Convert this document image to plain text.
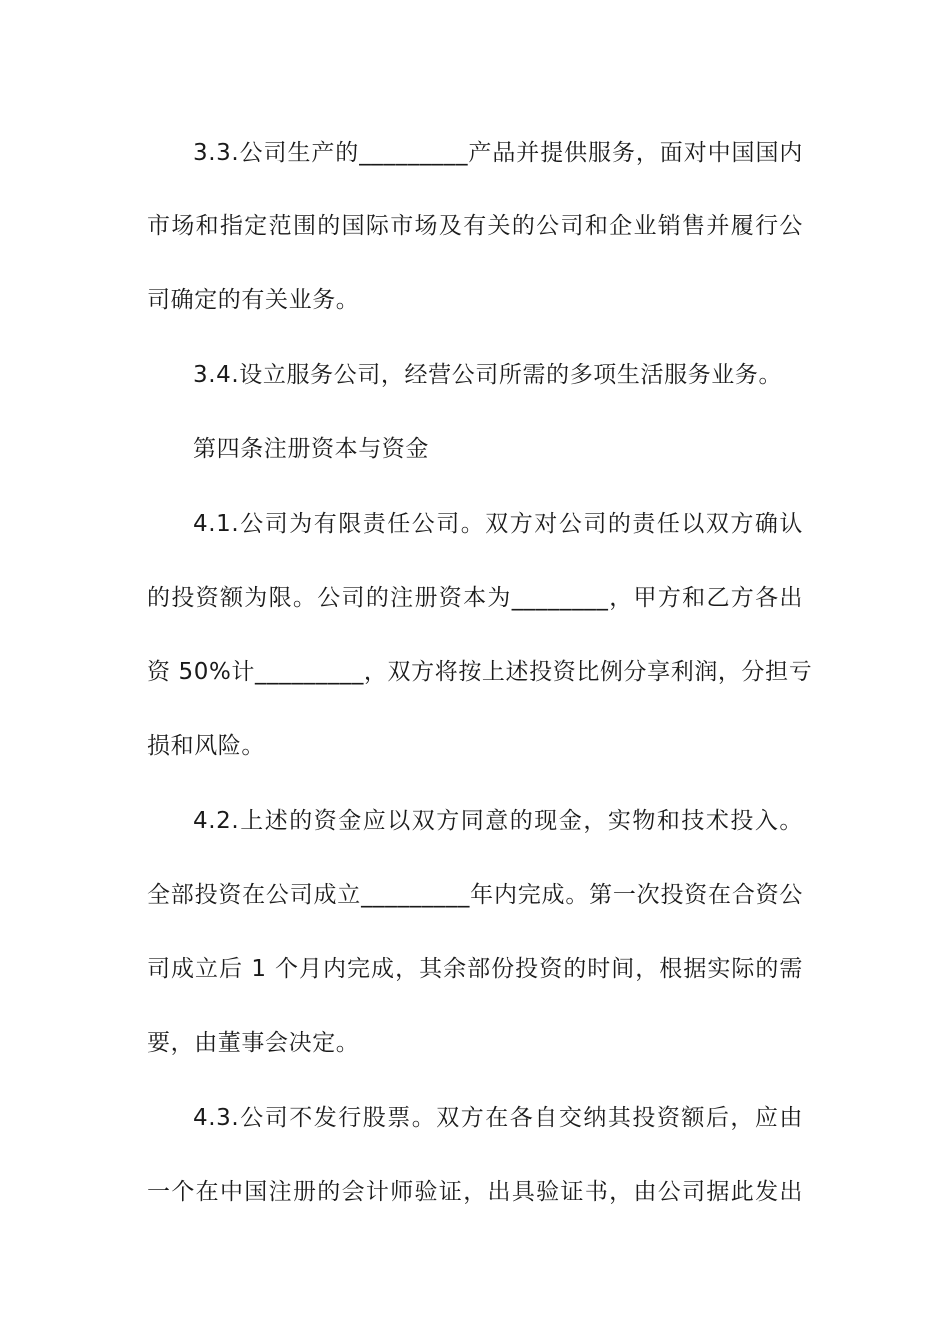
3.3.公司生产的_________产品并提供服务，面对中国国内
市场和指定范围的国际市场及有关的公司和企业销售并履行公
司确定的有关业务。
3.4.设立服务公司，经营公司所需的多项生活服务业务。
第四条注册资本与资金
4.1.公司为有限责任公司。双方对公司的责任以双方确认
的投资额为限。公司的注册资本为________，甲方和乙方各出
资 50%计_________，双方将按上述投资比例分享利润，分担亏
损和风险。
4.2.上述的资金应以双方同意的现金，实物和技术投入。
全部投资在公司成立_________年内完成。第一次投资在合资公
司成立后 1 个月内完成，其余部份投资的时间，根据实际的需
要，由董事会决定。
4.3.公司不发行股票。双方在各自交纳其投资额后，应由
一个在中国注册的会计师验证，出具验证书，由公司据此发出
